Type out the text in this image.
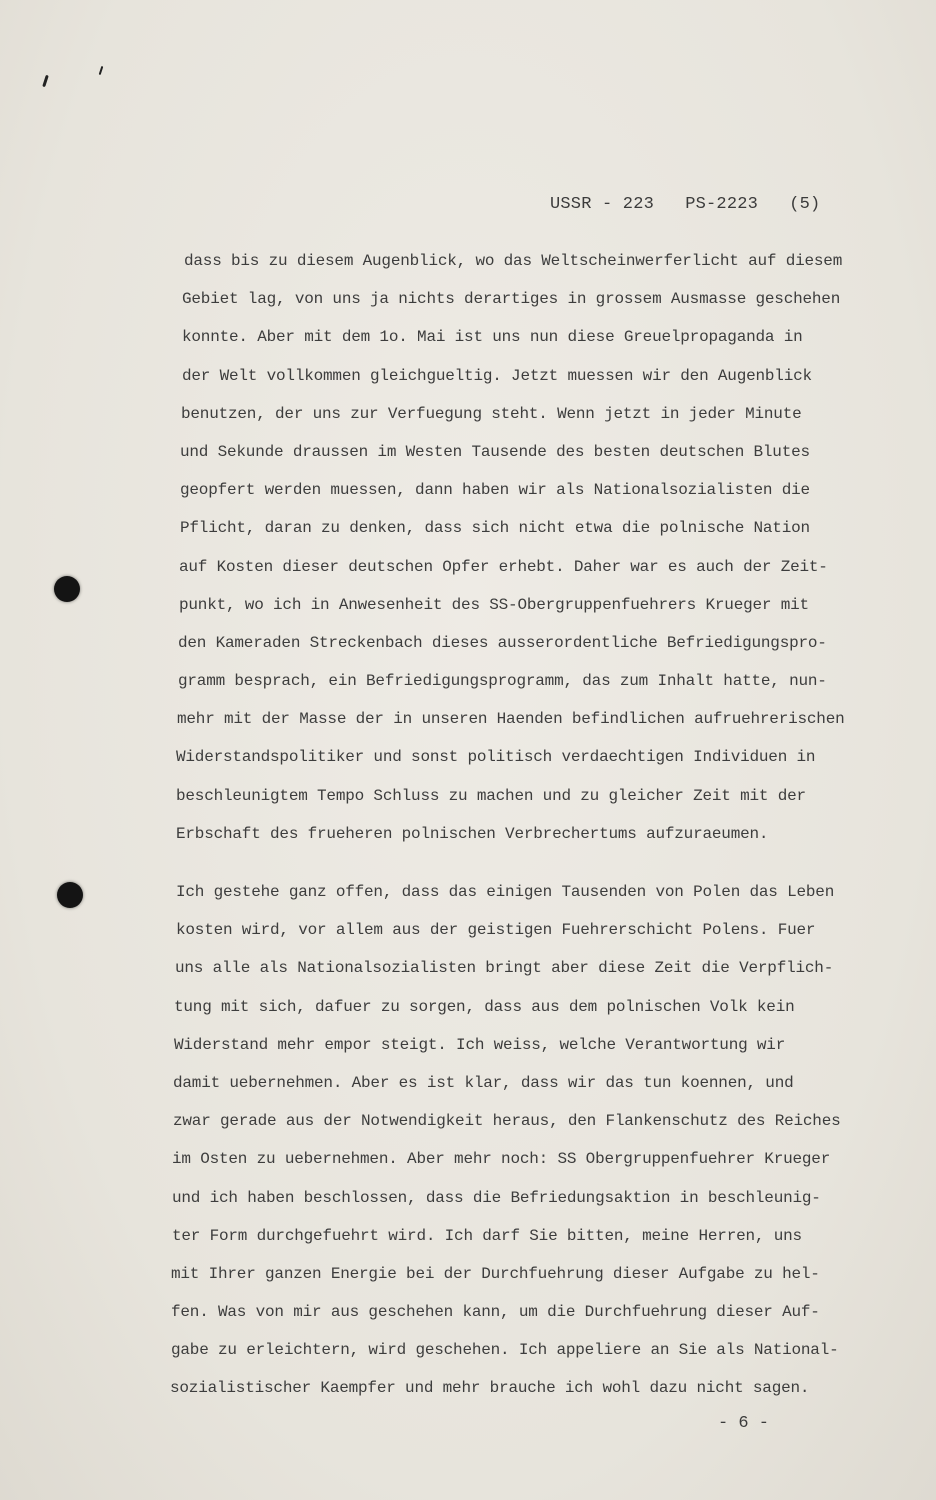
USSR - 223   PS-2223   (5)
dass bis zu diesem Augenblick, wo das Weltscheinwerferlicht auf diesem
Gebiet lag, von uns ja nichts derartiges in grossem Ausmasse geschehen
konnte. Aber mit dem 1o. Mai ist uns nun diese Greuelpropaganda in
der Welt vollkommen gleichgueltig. Jetzt muessen wir den Augenblick
benutzen, der uns zur Verfuegung steht. Wenn jetzt in jeder Minute
und Sekunde draussen im Westen Tausende des besten deutschen Blutes
geopfert werden muessen, dann haben wir als Nationalsozialisten die
Pflicht, daran zu denken, dass sich nicht etwa die polnische Nation
auf Kosten dieser deutschen Opfer erhebt. Daher war es auch der Zeit-
punkt, wo ich in Anwesenheit des SS-Obergruppenfuehrers Krueger mit
den Kameraden Streckenbach dieses ausserordentliche Befriedigungspro-
gramm besprach, ein Befriedigungsprogramm, das zum Inhalt hatte, nun-
mehr mit der Masse der in unseren Haenden befindlichen aufruehrerischen
Widerstandspolitiker und sonst politisch verdaechtigen Individuen in
beschleunigtem Tempo Schluss zu machen und zu gleicher Zeit mit der
Erbschaft des frueheren polnischen Verbrechertums aufzuraeumen.
Ich gestehe ganz offen, dass das einigen Tausenden von Polen das Leben
kosten wird, vor allem aus der geistigen Fuehrerschicht Polens. Fuer
uns alle als Nationalsozialisten bringt aber diese Zeit die Verpflich-
tung mit sich, dafuer zu sorgen, dass aus dem polnischen Volk kein
Widerstand mehr empor steigt. Ich weiss, welche Verantwortung wir
damit uebernehmen. Aber es ist klar, dass wir das tun koennen, und
zwar gerade aus der Notwendigkeit heraus, den Flankenschutz des Reiches
im Osten zu uebernehmen. Aber mehr noch: SS Obergruppenfuehrer Krueger
und ich haben beschlossen, dass die Befriedungsaktion in beschleunig-
ter Form durchgefuehrt wird. Ich darf Sie bitten, meine Herren, uns
mit Ihrer ganzen Energie bei der Durchfuehrung dieser Aufgabe zu hel-
fen. Was von mir aus geschehen kann, um die Durchfuehrung dieser Auf-
gabe zu erleichtern, wird geschehen. Ich appeliere an Sie als National-
sozialistischer Kaempfer und mehr brauche ich wohl dazu nicht sagen.
- 6 -
